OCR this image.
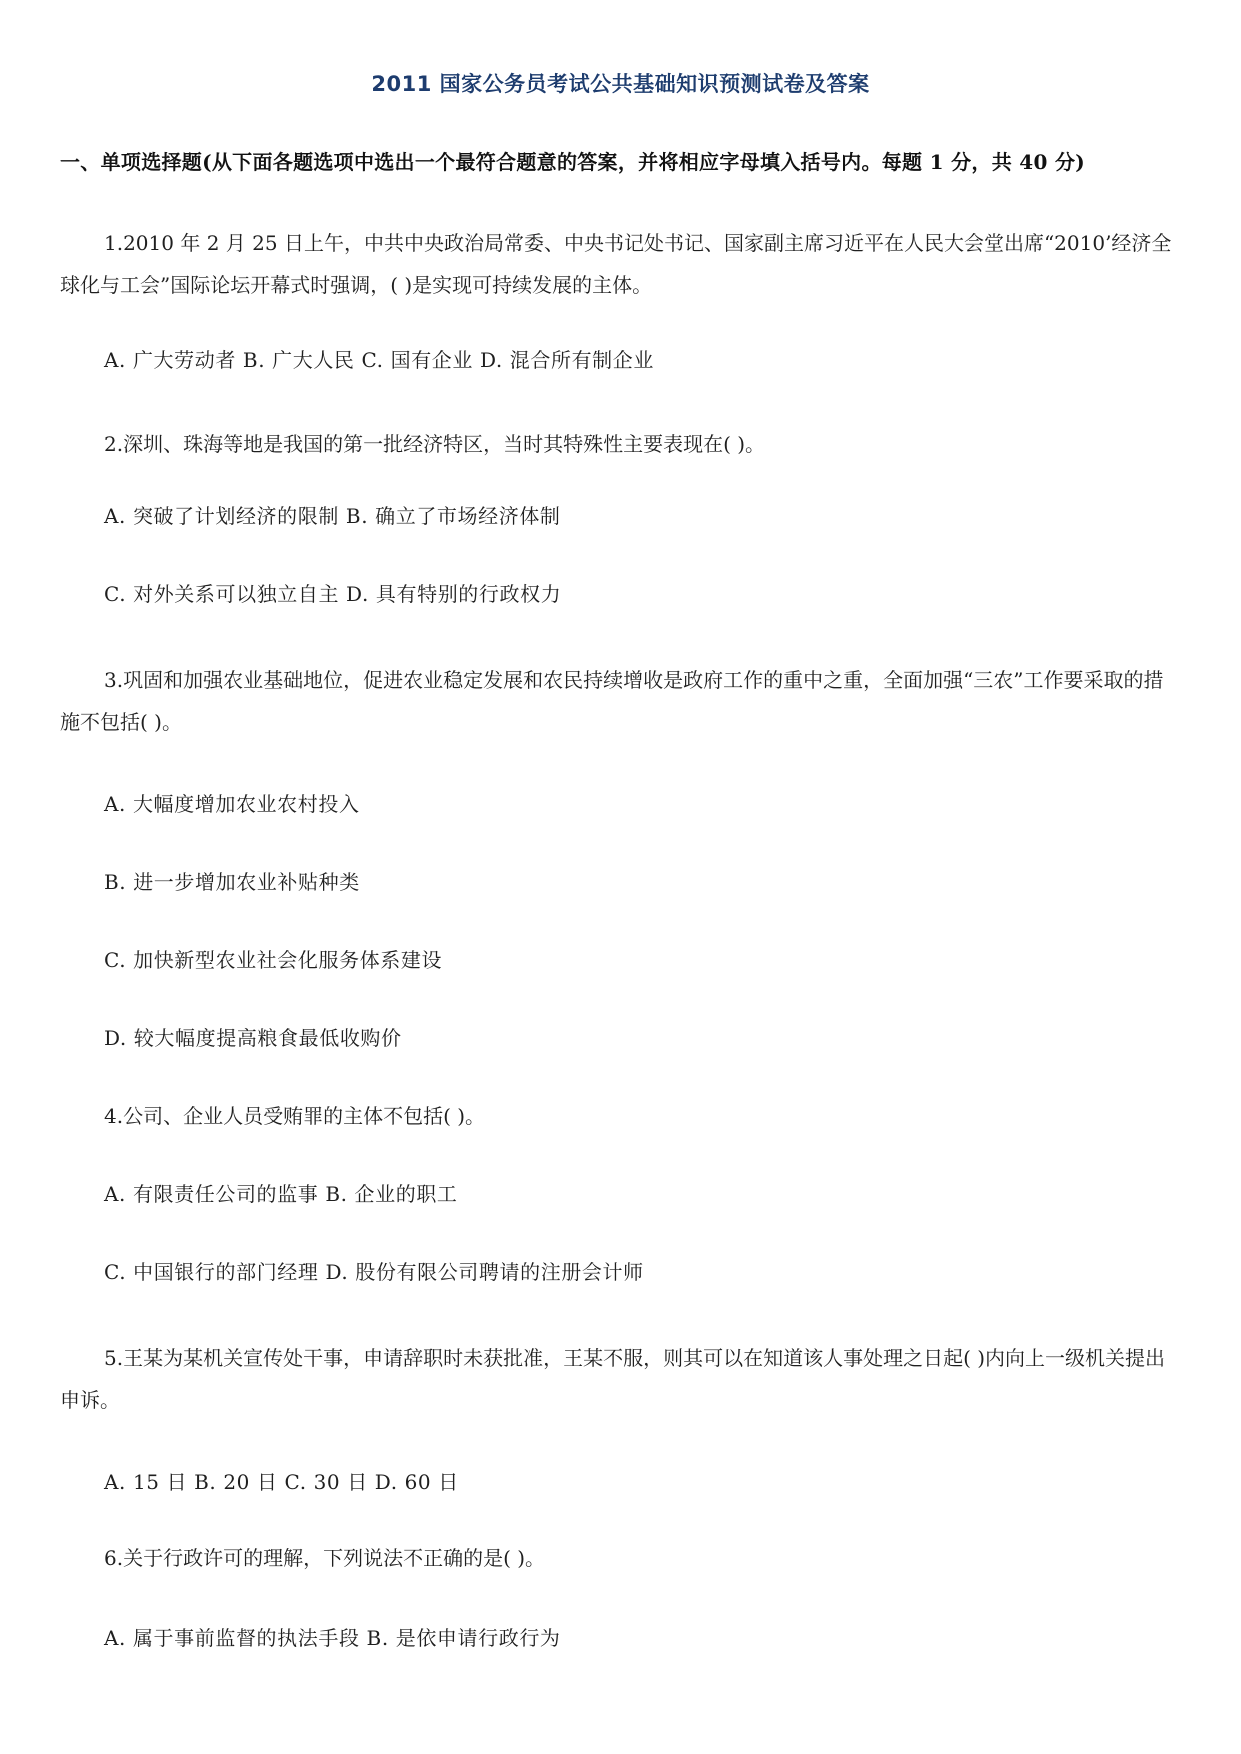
2011 国家公务员考试公共基础知识预测试卷及答案
一、单项选择题(从下面各题选项中选出一个最符合题意的答案，并将相应字母填入括号内。每题 1 分，共 40 分)
1.2010 年 2 月 25 日上午，中共中央政治局常委、中央书记处书记、国家副主席习近平在人民大会堂出席“2010’经济全球化与工会”国际论坛开幕式时强调，( )是实现可持续发展的主体。
A. 广大劳动者 B. 广大人民 C. 国有企业 D. 混合所有制企业
2.深圳、珠海等地是我国的第一批经济特区，当时其特殊性主要表现在( )。
A. 突破了计划经济的限制 B. 确立了市场经济体制
C. 对外关系可以独立自主 D. 具有特别的行政权力
3.巩固和加强农业基础地位，促进农业稳定发展和农民持续增收是政府工作的重中之重，全面加强“三农”工作要采取的措施不包括( )。
A. 大幅度增加农业农村投入
B. 进一步增加农业补贴种类
C. 加快新型农业社会化服务体系建设
D. 较大幅度提高粮食最低收购价
4.公司、企业人员受贿罪的主体不包括( )。
A. 有限责任公司的监事 B. 企业的职工
C. 中国银行的部门经理 D. 股份有限公司聘请的注册会计师
5.王某为某机关宣传处干事，申请辞职时未获批准，王某不服，则其可以在知道该人事处理之日起( )内向上一级机关提出申诉。
A. 15 日 B. 20 日 C. 30 日 D. 60 日
6.关于行政许可的理解，下列说法不正确的是( )。
A. 属于事前监督的执法手段 B. 是依申请行政行为
